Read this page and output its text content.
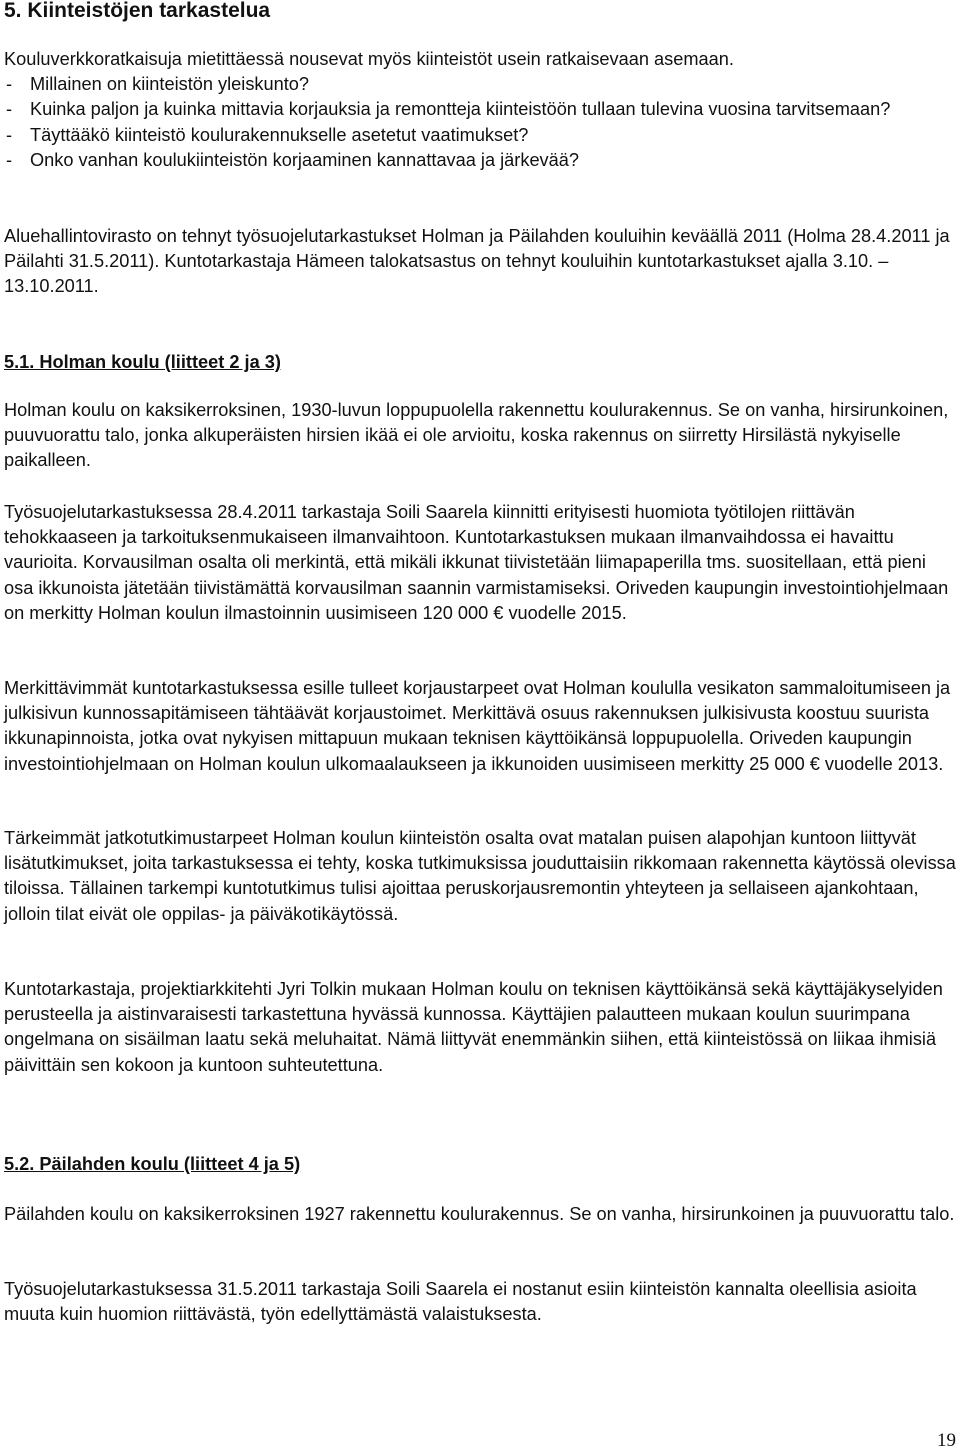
5. Kiinteistöjen tarkastelua

Kouluverkkoratkaisuja mietittäessä nousevat myös kiinteistöt usein ratkaisevaan asemaan.

- Millainen on kiinteistön yleiskunto?
- Kuinka paljon ja kuinka mittavia korjauksia ja remontteja kiinteistöön tullaan tulevina vuosina tarvitsemaan?
- Täyttääkö kiinteistö koulurakennukselle asetetut vaatimukset?
- Onko vanhan koulukiinteistön korjaaminen kannattavaa ja järkevää?

Aluehallintovirasto on tehnyt työsuojelutarkastukset Holman ja Päilahden kouluihin keväällä 2011 (Holma 28.4.2011 ja Päilahti 31.5.2011). Kuntotarkastaja Hämeen talokatsastus on tehnyt kouluihin kuntotarkastukset ajalla 3.10. – 13.10.2011.

5.1. Holman koulu (liitteet 2 ja 3)

Holman koulu on kaksikerroksinen, 1930-luvun loppupuolella rakennettu koulurakennus. Se on vanha, hirsirunkoinen, puuvuorattu talo, jonka alkuperäisten hirsien ikää ei ole arvioitu, koska rakennus on siirretty Hirsilästä nykyiselle paikalleen.

Työsuojelutarkastuksessa 28.4.2011 tarkastaja Soili Saarela kiinnitti erityisesti huomiota työtilojen riittävän tehokkaaseen ja tarkoituksenmukaiseen ilmanvaihtoon. Kuntotarkastuksen mukaan ilmanvaihdossa ei havaittu vaurioita. Korvausilman osalta oli merkintä, että mikäli ikkunat tiivistetään liimapaperilla tms. suositellaan, että pieni osa ikkunoista jätetään tiivistämättä korvausilman saannin varmistamiseksi. Oriveden kaupungin investointiohjelmaan on merkitty Holman koulun ilmastoinnin uusimiseen 120 000 € vuodelle 2015.

Merkittävimmät kuntotarkastuksessa esille tulleet korjaustarpeet ovat Holman koululla vesikaton sammaloitumiseen ja julkisivun kunnossapitämiseen tähtäävät korjaustoimet. Merkittävä osuus rakennuksen julkisivusta koostuu suurista ikkunapinnoista, jotka ovat nykyisen mittapuun mukaan teknisen käyttöikänsä loppupuolella. Oriveden kaupungin investointiohjelmaan on Holman koulun ulkomaalaukseen ja ikkunoiden uusimiseen merkitty 25 000 € vuodelle 2013.

Tärkeimmät jatkotutkimustarpeet Holman koulun kiinteistön osalta ovat matalan puisen alapohjan kuntoon liittyvät lisätutkimukset, joita tarkastuksessa ei tehty, koska tutkimuksissa jouduttaisiin rikkomaan rakennetta käytössä olevissa tiloissa. Tällainen tarkempi kuntotutkimus tulisi ajoittaa peruskorjausremontin yhteyteen ja sellaiseen ajankohtaan, jolloin tilat eivät ole oppilas- ja päiväkotikäytössä.

Kuntotarkastaja, projektiarkkitehti Jyri Tolkin mukaan Holman koulu on teknisen käyttöikänsä sekä käyttäjäkyselyiden perusteella ja aistinvaraisesti tarkastettuna hyvässä kunnossa. Käyttäjien palautteen mukaan koulun suurimpana ongelmana on sisäilman laatu sekä meluhaitat. Nämä liittyvät enemmänkin siihen, että kiinteistössä on liikaa ihmisiä päivittäin sen kokoon ja kuntoon suhteutettuna.

5.2. Päilahden koulu (liitteet 4 ja 5)

Päilahden koulu on kaksikerroksinen 1927 rakennettu koulurakennus. Se on vanha, hirsirunkoinen ja puuvuorattu talo.

Työsuojelutarkastuksessa 31.5.2011 tarkastaja Soili Saarela ei nostanut esiin kiinteistön kannalta oleellisia asioita muuta kuin huomion riittävästä, työn edellyttämästä valaistuksesta.

19
